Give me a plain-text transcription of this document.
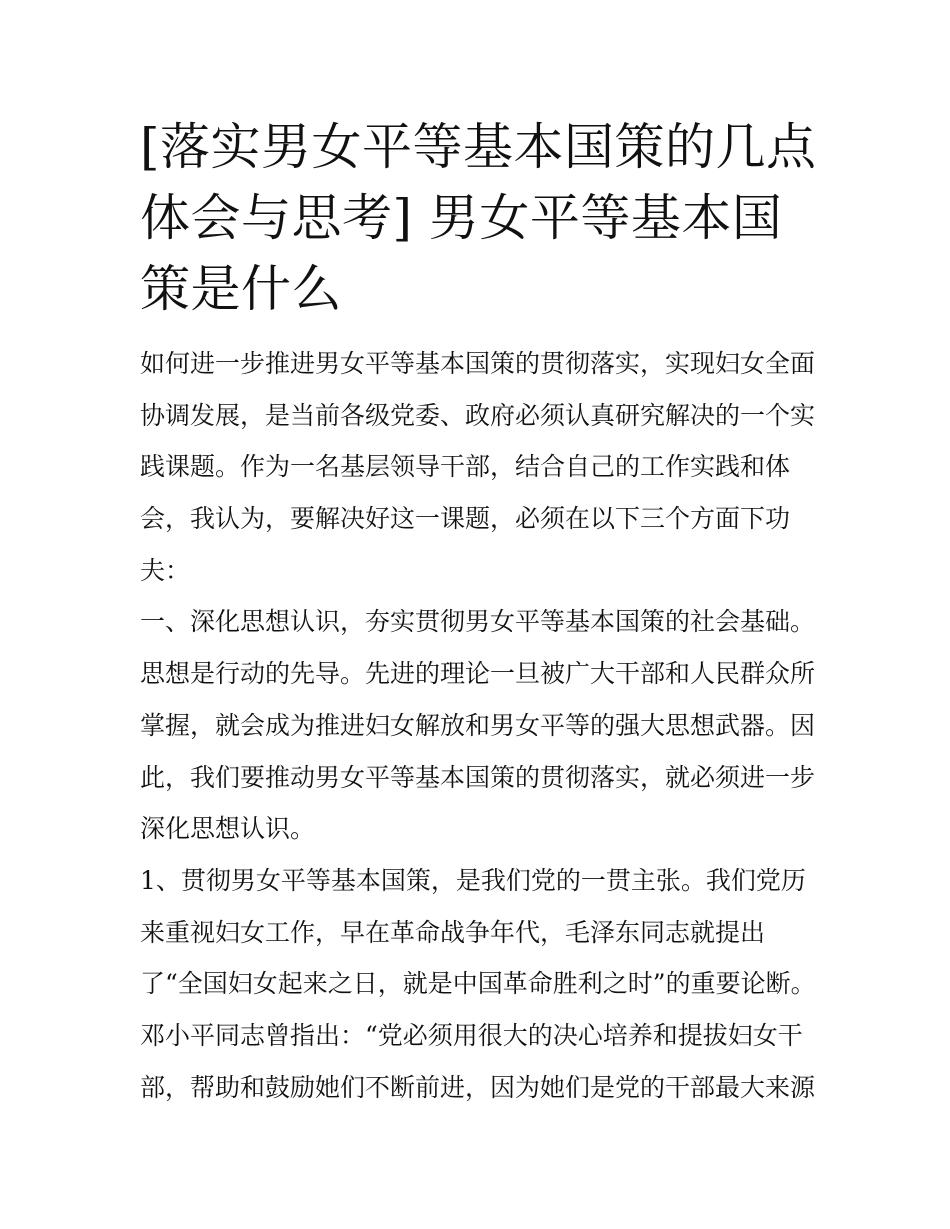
[落实男女平等基本国策的几点
体会与思考] 男女平等基本国
策是什么
如何进一步推进男女平等基本国策的贯彻落实，实现妇女全面
协调发展，是当前各级党委、政府必须认真研究解决的一个实
践课题。作为一名基层领导干部，结合自己的工作实践和体
会，我认为，要解决好这一课题，必须在以下三个方面下功
夫：
一、深化思想认识，夯实贯彻男女平等基本国策的社会基础。
思想是行动的先导。先进的理论一旦被广大干部和人民群众所
掌握，就会成为推进妇女解放和男女平等的强大思想武器。因
此，我们要推动男女平等基本国策的贯彻落实，就必须进一步
深化思想认识。
1、贯彻男女平等基本国策，是我们党的一贯主张。我们党历
来重视妇女工作，早在革命战争年代，毛泽东同志就提出
了“全国妇女起来之日，就是中国革命胜利之时”的重要论断。
邓小平同志曾指出：“党必须用很大的决心培养和提拔妇女干
部，帮助和鼓励她们不断前进，因为她们是党的干部最大来源
